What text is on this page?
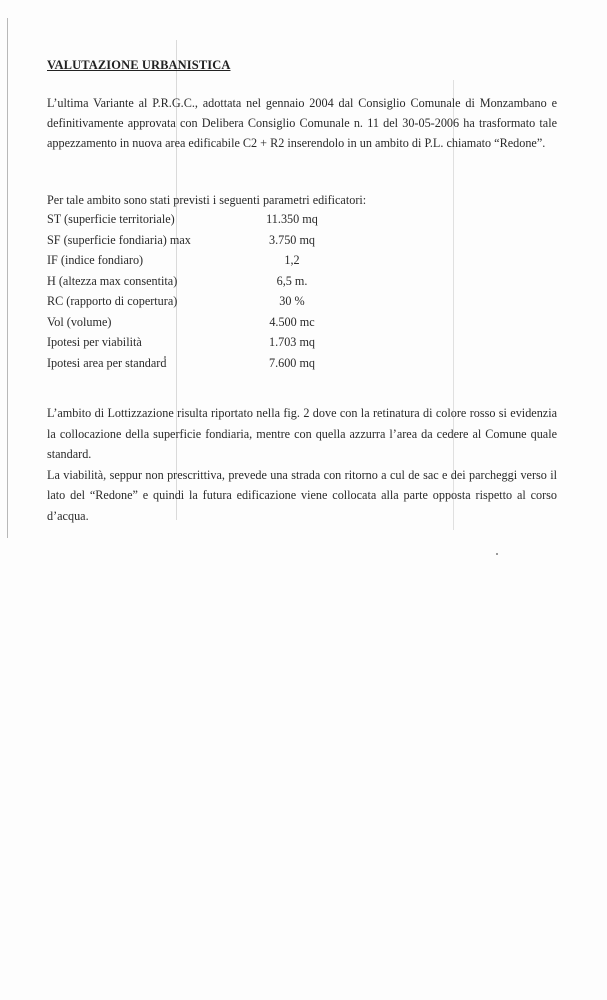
VALUTAZIONE URBANISTICA

L’ultima Variante al P.R.G.C., adottata nel gennaio 2004 dal Consiglio Comunale di Monzambano e definitivamente approvata con Delibera Consiglio Comunale n. 11 del 30-05-2006 ha trasformato tale appezzamento in nuova area edificabile C2 + R2 inserendolo in un ambito di P.L. chiamato “Redone”.

Per tale ambito sono stati previsti i seguenti parametri edificatori:
ST (superficie territoriale)	11.350 mq
SF (superficie fondiaria) max	3.750 mq
IF (indice fondiaro)	1,2
H (altezza max consentita)	6,5 m.
RC (rapporto di copertura)	30 %
Vol (volume)	4.500 mc
Ipotesi per viabilità	1.703 mq
Ipotesi area per standard	7.600 mq

L’ambito di Lottizzazione risulta riportato nella fig. 2 dove con la retinatura di colore rosso si evidenzia la collocazione della superficie fondiaria, mentre con quella azzurra l’area da cedere al Comune quale standard.

La viabilità, seppur non prescrittiva, prevede una strada con ritorno a cul de sac e dei parcheggi verso il lato del “Redone” e quindi la futura edificazione viene collocata alla parte opposta rispetto al corso d’acqua.
